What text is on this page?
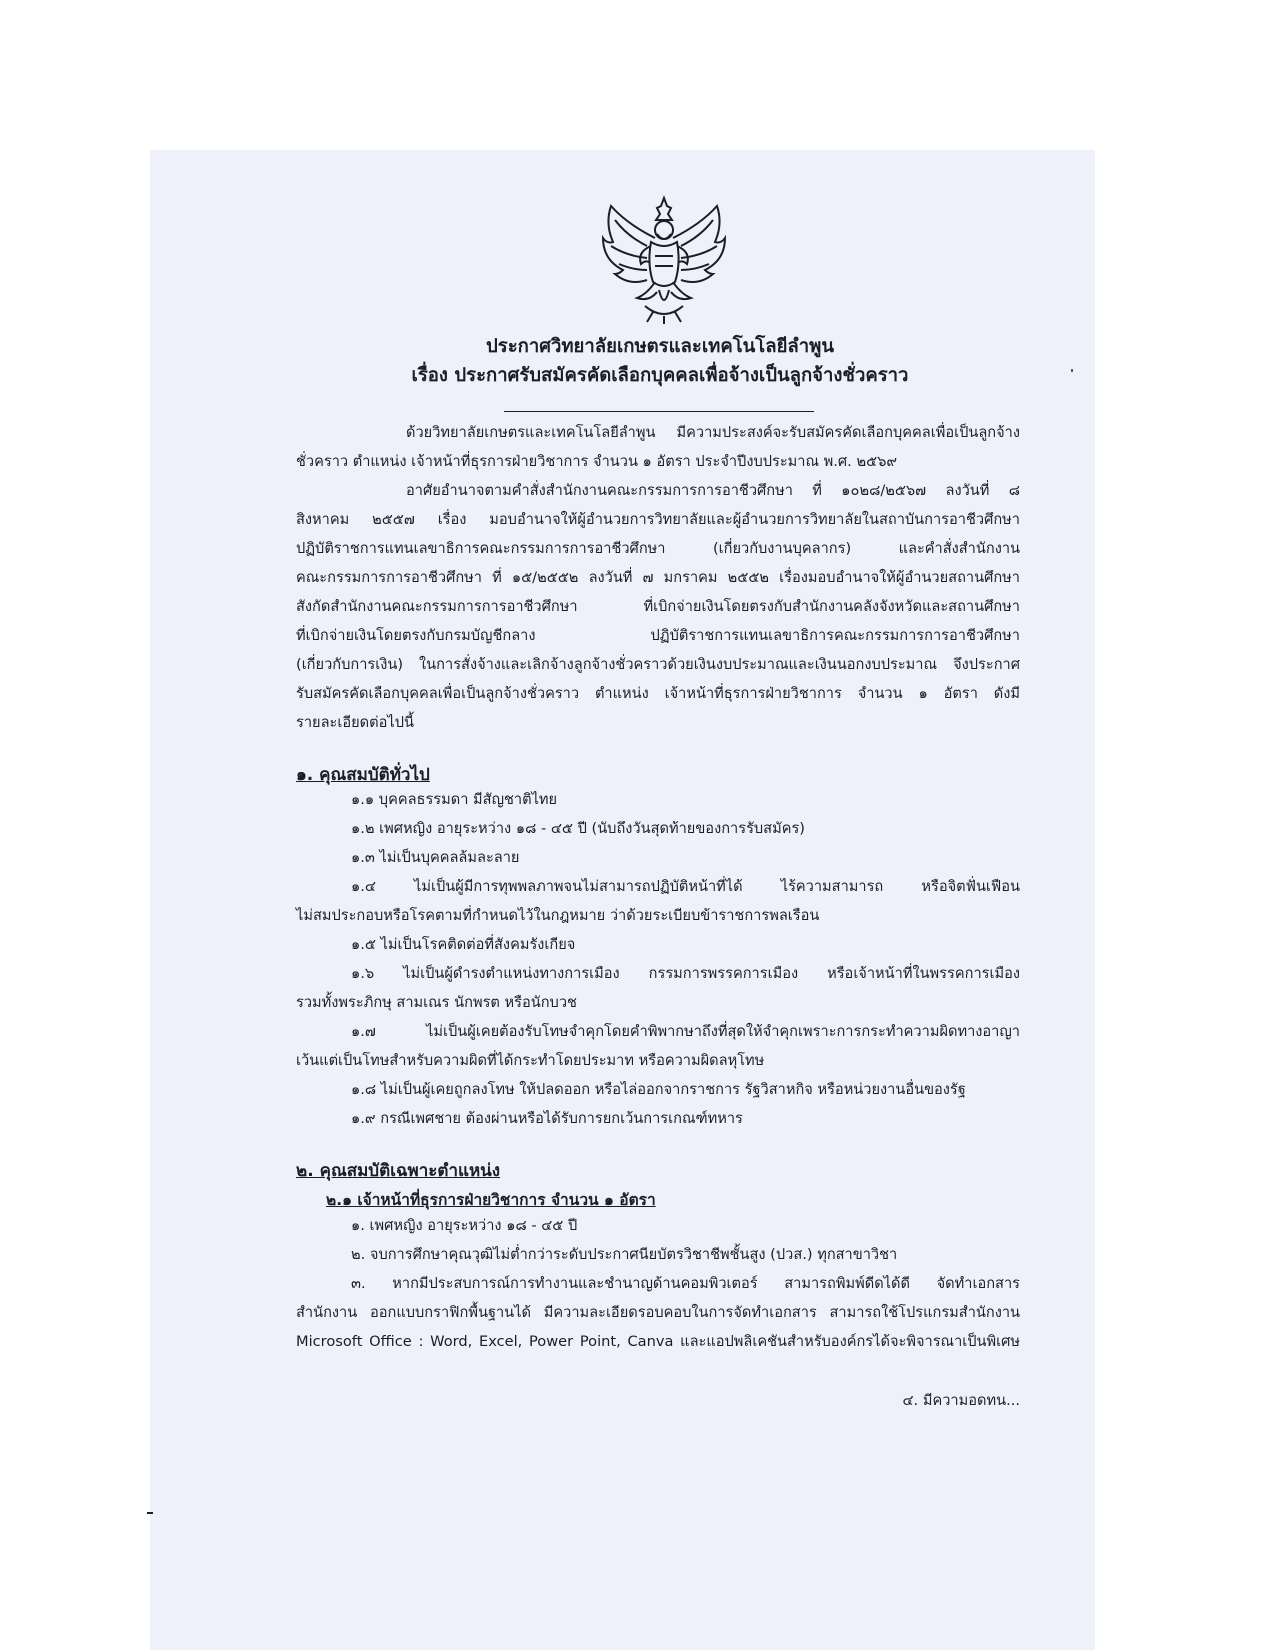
ประกาศวิทยาลัยเกษตรและเทคโนโลยีลำพูน
เรื่อง ประกาศรับสมัครคัดเลือกบุคคลเพื่อจ้างเป็นลูกจ้างชั่วคราว
ด้วยวิทยาลัยเกษตรและเทคโนโลยีลำพูน มีความประสงค์จะรับสมัครคัดเลือกบุคคลเพื่อเป็นลูกจ้าง
ชั่วคราว ตำแหน่ง เจ้าหน้าที่ธุรการฝ่ายวิชาการ จำนวน ๑ อัตรา ประจำปีงบประมาณ พ.ศ. ๒๕๖๙
อาศัยอำนาจตามคำสั่งสำนักงานคณะกรรมการการอาชีวศึกษา ที่ ๑๐๒๘/๒๕๖๗ ลงวันที่ ๘
สิงหาคม ๒๕๕๗ เรื่อง มอบอำนาจให้ผู้อำนวยการวิทยาลัยและผู้อำนวยการวิทยาลัยในสถาบันการอาชีวศึกษา
ปฏิบัติราชการแทนเลขาธิการคณะกรรมการการอาชีวศึกษา (เกี่ยวกับงานบุคลากร) และคำสั่งสำนักงาน
คณะกรรมการการอาชีวศึกษา ที่ ๑๕/๒๕๕๒ ลงวันที่ ๗ มกราคม ๒๕๕๒ เรื่องมอบอำนาจให้ผู้อำนวยสถานศึกษา
สังกัดสำนักงานคณะกรรมการการอาชีวศึกษา ที่เบิกจ่ายเงินโดยตรงกับสำนักงานคลังจังหวัดและสถานศึกษา
ที่เบิกจ่ายเงินโดยตรงกับกรมบัญชีกลาง ปฏิบัติราชการแทนเลขาธิการคณะกรรมการการอาชีวศึกษา
(เกี่ยวกับการเงิน) ในการสั่งจ้างและเลิกจ้างลูกจ้างชั่วคราวด้วยเงินงบประมาณและเงินนอกงบประมาณ จึงประกาศ
รับสมัครคัดเลือกบุคคลเพื่อเป็นลูกจ้างชั่วคราว ตำแหน่ง เจ้าหน้าที่ธุรการฝ่ายวิชาการ จำนวน ๑ อัตรา ดังมี
รายละเอียดต่อไปนี้
๑. คุณสมบัติทั่วไป
๑.๑ บุคคลธรรมดา มีสัญชาติไทย
๑.๒ เพศหญิง อายุระหว่าง ๑๘ - ๔๕ ปี (นับถึงวันสุดท้ายของการรับสมัคร)
๑.๓ ไม่เป็นบุคคลล้มละลาย
๑.๔ ไม่เป็นผู้มีการทุพพลภาพจนไม่สามารถปฏิบัติหน้าที่ได้ ไร้ความสามารถ หรือจิตฟั่นเฟือน
ไม่สมประกอบหรือโรคตามที่กำหนดไว้ในกฎหมาย ว่าด้วยระเบียบข้าราชการพลเรือน
๑.๕ ไม่เป็นโรคติดต่อที่สังคมรังเกียจ
๑.๖ ไม่เป็นผู้ดำรงตำแหน่งทางการเมือง กรรมการพรรคการเมือง หรือเจ้าหน้าที่ในพรรคการเมือง
รวมทั้งพระภิกษุ สามเณร นักพรต หรือนักบวช
๑.๗ ไม่เป็นผู้เคยต้องรับโทษจำคุกโดยคำพิพากษาถึงที่สุดให้จำคุกเพราะการกระทำความผิดทางอาญา
เว้นแต่เป็นโทษสำหรับความผิดที่ได้กระทำโดยประมาท หรือความผิดลหุโทษ
๑.๘ ไม่เป็นผู้เคยถูกลงโทษ ให้ปลดออก หรือไล่ออกจากราชการ รัฐวิสาหกิจ หรือหน่วยงานอื่นของรัฐ
๑.๙ กรณีเพศชาย ต้องผ่านหรือได้รับการยกเว้นการเกณฑ์ทหาร
๒. คุณสมบัติเฉพาะตำแหน่ง
๒.๑ เจ้าหน้าที่ธุรการฝ่ายวิชาการ จำนวน ๑ อัตรา
๑. เพศหญิง อายุระหว่าง ๑๘ - ๔๕ ปี
๒. จบการศึกษาคุณวุฒิไม่ต่ำกว่าระดับประกาศนียบัตรวิชาชีพชั้นสูง (ปวส.) ทุกสาขาวิชา
๓. หากมีประสบการณ์การทำงานและชำนาญด้านคอมพิวเตอร์ สามารถพิมพ์ดีดได้ดี จัดทำเอกสาร
สำนักงาน ออกแบบกราฟิกพื้นฐานได้ มีความละเอียดรอบคอบในการจัดทำเอกสาร สามารถใช้โปรแกรมสำนักงาน
Microsoft Office : Word, Excel, Power Point, Canva และแอปพลิเคชันสำหรับองค์กรได้จะพิจารณาเป็นพิเศษ
๔. มีความอดทน...
